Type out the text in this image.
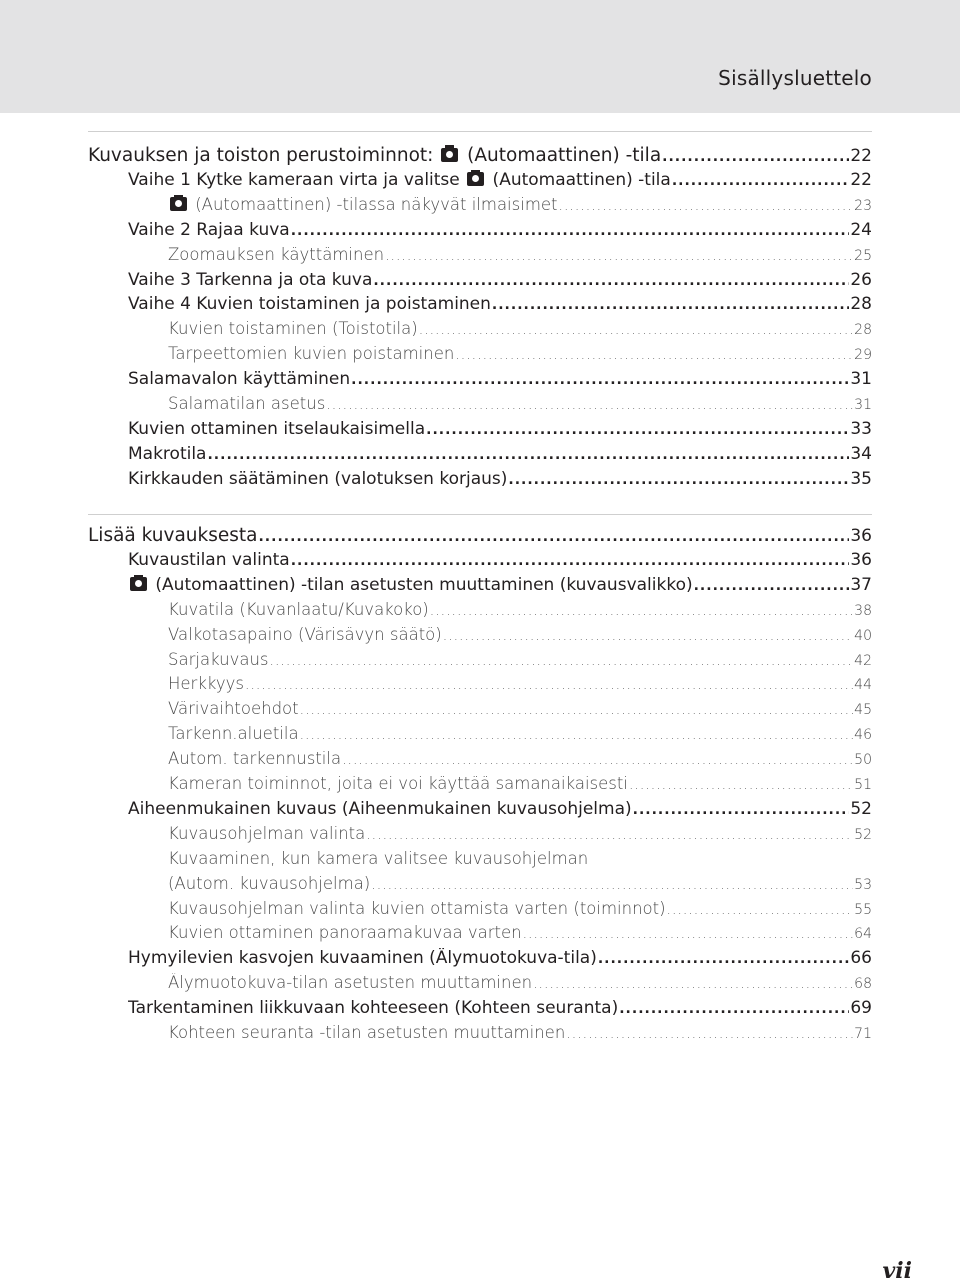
Sisällysluettelo
Kuvauksen ja toiston perustoiminnot:  (Automaattinen) -tila .....	22
Vaihe 1 Kytke kameraan virta ja valitse  (Automaattinen) -tila .....	22
(Automaattinen) -tilassa näkyvät ilmaisimet .....	23
Vaihe 2 Rajaa kuva .....	24
Zoomauksen käyttäminen .....	25
Vaihe 3 Tarkenna ja ota kuva .....	26
Vaihe 4 Kuvien toistaminen ja poistaminen .....	28
Kuvien toistaminen (Toistotila) .....	28
Tarpeettomien kuvien poistaminen .....	29
Salamavalon käyttäminen .....	31
Salamatilan asetus .....	31
Kuvien ottaminen itselaukaisimella .....	33
Makrotila .....	34
Kirkkauden säätäminen (valotuksen korjaus) .....	35
Lisää kuvauksesta .....	36
Kuvaustilan valinta .....	36
(Automaattinen) -tilan asetusten muuttaminen (kuvausvalikko) .....	37
Kuvatila (Kuvanlaatu/Kuvakoko) .....	38
Valkotasapaino (Värisävyn säätö) .....	40
Sarjakuvaus .....	42
Herkkyys .....	44
Värivaihtoehdot .....	45
Tarkenn.aluetila .....	46
Autom. tarkennustila .....	50
Kameran toiminnot, joita ei voi käyttää samanaikaisesti .....	51
Aiheenmukainen kuvaus (Aiheenmukainen kuvausohjelma) .....	52
Kuvausohjelman valinta .....	52
Kuvaaminen, kun kamera valitsee kuvausohjelman
(Autom. kuvausohjelma) .....	53
Kuvausohjelman valinta kuvien ottamista varten (toiminnot) .....	55
Kuvien ottaminen panoraamakuvaa varten .....	64
Hymyilevien kasvojen kuvaaminen (Älymuotokuva-tila) .....	66
Älymuotokuva-tilan asetusten muuttaminen .....	68
Tarkentaminen liikkuvaan kohteeseen (Kohteen seuranta) .....	69
Kohteen seuranta -tilan asetusten muuttaminen .....	71
vii
